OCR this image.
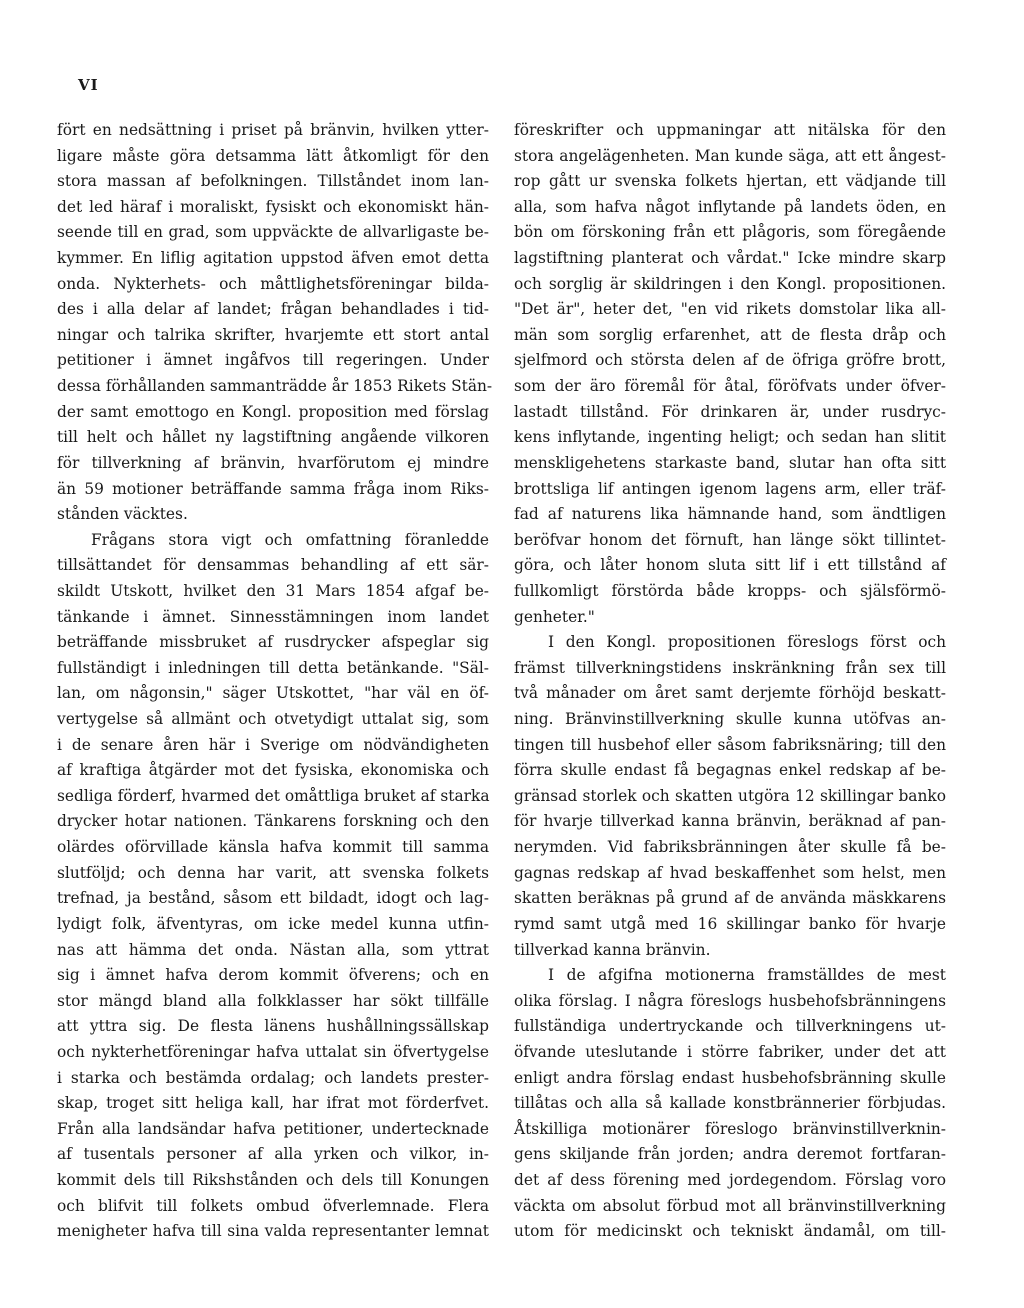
VI
fört en nedsättning i priset på bränvin, hvilken ytter-
ligare måste göra detsamma lätt åtkomligt för den
stora massan af befolkningen. Tillståndet inom lan-
det led häraf i moraliskt, fysiskt och ekonomiskt hän-
seende till en grad, som uppväckte de allvarligaste be-
kymmer. En liflig agitation uppstod äfven emot detta
onda. Nykterhets- och måttlighetsföreningar bilda-
des i alla delar af landet; frågan behandlades i tid-
ningar och talrika skrifter, hvarjemte ett stort antal
petitioner i ämnet ingåfvos till regeringen. Under
dessa förhållanden sammanträdde år 1853 Rikets Stän-
der samt emottogo en Kongl. proposition med förslag
till helt och hållet ny lagstiftning angående vilkoren
för tillverkning af bränvin, hvarförutom ej mindre
än 59 motioner beträffande samma fråga inom Riks-
stånden väcktes.
Frågans stora vigt och omfattning föranledde
tillsättandet för densammas behandling af ett sär-
skildt Utskott, hvilket den 31 Mars 1854 afgaf be-
tänkande i ämnet. Sinnesstämningen inom landet
beträffande missbruket af rusdrycker afspeglar sig
fullständigt i inledningen till detta betänkande. "Säl-
lan, om någonsin," säger Utskottet, "har väl en öf-
vertygelse så allmänt och otvetydigt uttalat sig, som
i de senare åren här i Sverige om nödvändigheten
af kraftiga åtgärder mot det fysiska, ekonomiska och
sedliga förderf, hvarmed det omåttliga bruket af starka
drycker hotar nationen. Tänkarens forskning och den
olärdes oförvillade känsla hafva kommit till samma
slutföljd; och denna har varit, att svenska folkets
trefnad, ja bestånd, såsom ett bildadt, idogt och lag-
lydigt folk, äfventyras, om icke medel kunna utfin-
nas att hämma det onda. Nästan alla, som yttrat
sig i ämnet hafva derom kommit öfverens; och en
stor mängd bland alla folkklasser har sökt tillfälle
att yttra sig. De flesta länens hushållningssällskap
och nykterhetföreningar hafva uttalat sin öfvertygelse
i starka och bestämda ordalag; och landets prester-
skap, troget sitt heliga kall, har ifrat mot förderfvet.
Från alla landsändar hafva petitioner, undertecknade
af tusentals personer af alla yrken och vilkor, in-
kommit dels till Rikshstånden och dels till Konungen
och blifvit till folkets ombud öfverlemnade. Flera
menigheter hafva till sina valda representanter lemnat
föreskrifter och uppmaningar att nitälska för den
stora angelägenheten. Man kunde säga, att ett ångest-
rop gått ur svenska folkets hjertan, ett vädjande till
alla, som hafva något inflytande på landets öden, en
bön om förskoning från ett plågoris, som föregående
lagstiftning planterat och vårdat." Icke mindre skarp
och sorglig är skildringen i den Kongl. propositionen.
"Det är", heter det, "en vid rikets domstolar lika all-
män som sorglig erfarenhet, att de flesta dråp och
sjelfmord och största delen af de öfriga gröfre brott,
som der äro föremål för åtal, föröfvats under öfver-
lastadt tillstånd. För drinkaren är, under rusdryc-
kens inflytande, ingenting heligt; och sedan han slitit
menskligehetens starkaste band, slutar han ofta sitt
brottsliga lif antingen igenom lagens arm, eller träf-
fad af naturens lika hämnande hand, som ändtligen
beröfvar honom det förnuft, han länge sökt tillintet-
göra, och låter honom sluta sitt lif i ett tillstånd af
fullkomligt förstörda både kropps- och själsförmö-
genheter."
I den Kongl. propositionen föreslogs först och
främst tillverkningstidens inskränkning från sex till
två månader om året samt derjemte förhöjd beskatt-
ning. Bränvinstillverkning skulle kunna utöfvas an-
tingen till husbehof eller såsom fabriksnäring; till den
förra skulle endast få begagnas enkel redskap af be-
gränsad storlek och skatten utgöra 12 skillingar banko
för hvarje tillverkad kanna bränvin, beräknad af pan-
nerymden. Vid fabriksbränningen åter skulle få be-
gagnas redskap af hvad beskaffenhet som helst, men
skatten beräknas på grund af de använda mäskkarens
rymd samt utgå med 16 skillingar banko för hvarje
tillverkad kanna bränvin.
I de afgifna motionerna framställdes de mest
olika förslag. I några föreslogs husbehofsbränningens
fullständiga undertryckande och tillverkningens ut-
öfvande uteslutande i större fabriker, under det att
enligt andra förslag endast husbehofsbränning skulle
tillåtas och alla så kallade konstbrännerier förbjudas.
Åtskilliga motionärer föreslogo bränvinstillverknin-
gens skiljande från jorden; andra deremot fortfaran-
det af dess förening med jordegendom. Förslag voro
väckta om absolut förbud mot all bränvinstillverkning
utom för medicinskt och tekniskt ändamål, om till-
